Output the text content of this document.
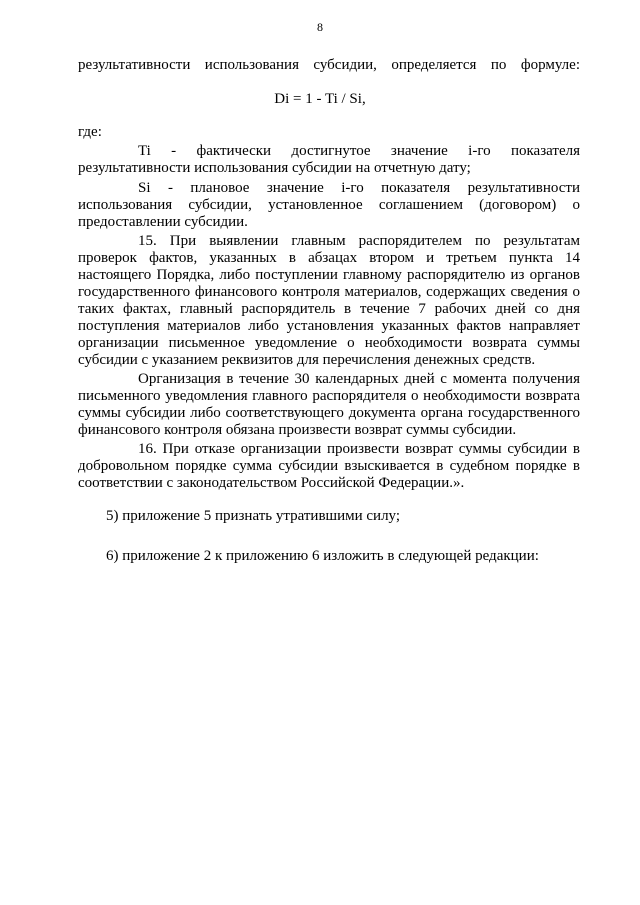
8
результативности использования субсидии, определяется по формуле:
Di = 1 - Ti / Si,
где:
Ti - фактически достигнутое значение i-го показателя
результативности использования субсидии на отчетную дату;
Si - плановое значение i-го показателя результативности
использования субсидии, установленное соглашением (договором) о
предоставлении субсидии.
15. При выявлении главным распорядителем по результатам
проверок фактов, указанных в абзацах втором и третьем пункта 14
настоящего Порядка, либо поступлении главному распорядителю из органов
государственного финансового контроля материалов, содержащих сведения о
таких фактах, главный распорядитель в течение 7 рабочих дней со дня
поступления материалов либо установления указанных фактов направляет
организации письменное уведомление о необходимости возврата суммы
субсидии с указанием реквизитов для перечисления денежных средств.
Организация в течение 30 календарных дней с момента получения
письменного уведомления главного распорядителя о необходимости возврата
суммы субсидии либо соответствующего документа органа государственного
финансового контроля обязана произвести возврат суммы субсидии.
16. При отказе организации произвести возврат суммы субсидии в
добровольном порядке сумма субсидии взыскивается в судебном порядке в
соответствии с законодательством Российской Федерации.».
5) приложение 5 признать утратившими силу;
6) приложение 2 к приложению 6 изложить в следующей редакции:
